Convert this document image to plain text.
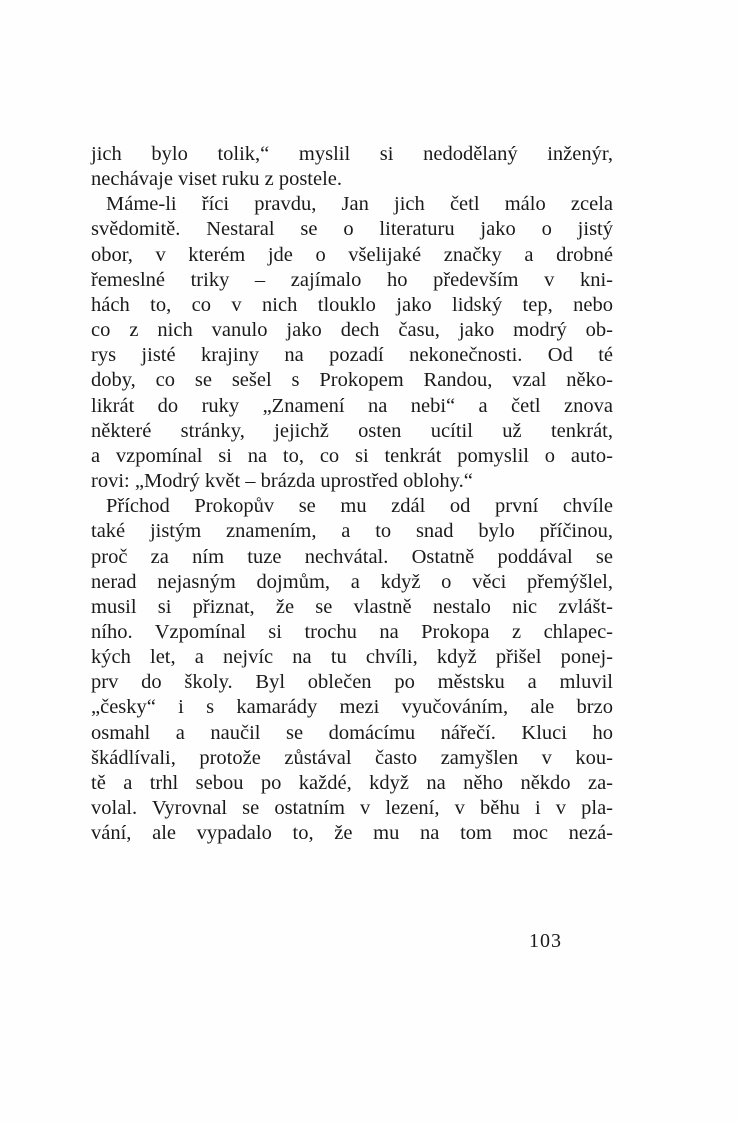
jich bylo tolik,“ myslil si nedodělaný inženýr,
nechávaje viset ruku z postele.
Máme-li říci pravdu, Jan jich četl málo zcela
svědomitě. Nestaral se o literaturu jako o jistý
obor, v kterém jde o všelijaké značky a drobné
řemeslné triky – zajímalo ho především v kni-
hách to, co v nich tlouklo jako lidský tep, nebo
co z nich vanulo jako dech času, jako modrý ob-
rys jisté krajiny na pozadí nekonečnosti. Od té
doby, co se sešel s Prokopem Randou, vzal něko-
likrát do ruky „Znamení na nebi“ a četl znova
některé stránky, jejichž osten ucítil už tenkrát,
a vzpomínal si na to, co si tenkrát pomyslil o auto-
rovi: „Modrý květ – brázda uprostřed oblohy.“
Příchod Prokopův se mu zdál od první chvíle
také jistým znamením, a to snad bylo příčinou,
proč za ním tuze nechvátal. Ostatně poddával se
nerad nejasným dojmům, a když o věci přemýšlel,
musil si přiznat, že se vlastně nestalo nic zvlášt-
ního. Vzpomínal si trochu na Prokopa z chlapec-
kých let, a nejvíc na tu chvíli, když přišel ponej-
prv do školy. Byl oblečen po městsku a mluvil
„česky“ i s kamarády mezi vyučováním, ale brzo
osmahl a naučil se domácímu nářečí. Kluci ho
škádlívali, protože zůstával často zamyšlen v kou-
tě a trhl sebou po každé, když na něho někdo za-
volal. Vyrovnal se ostatním v lezení, v běhu i v pla-
vání, ale vypadalo to, že mu na tom moc nezá-
103
